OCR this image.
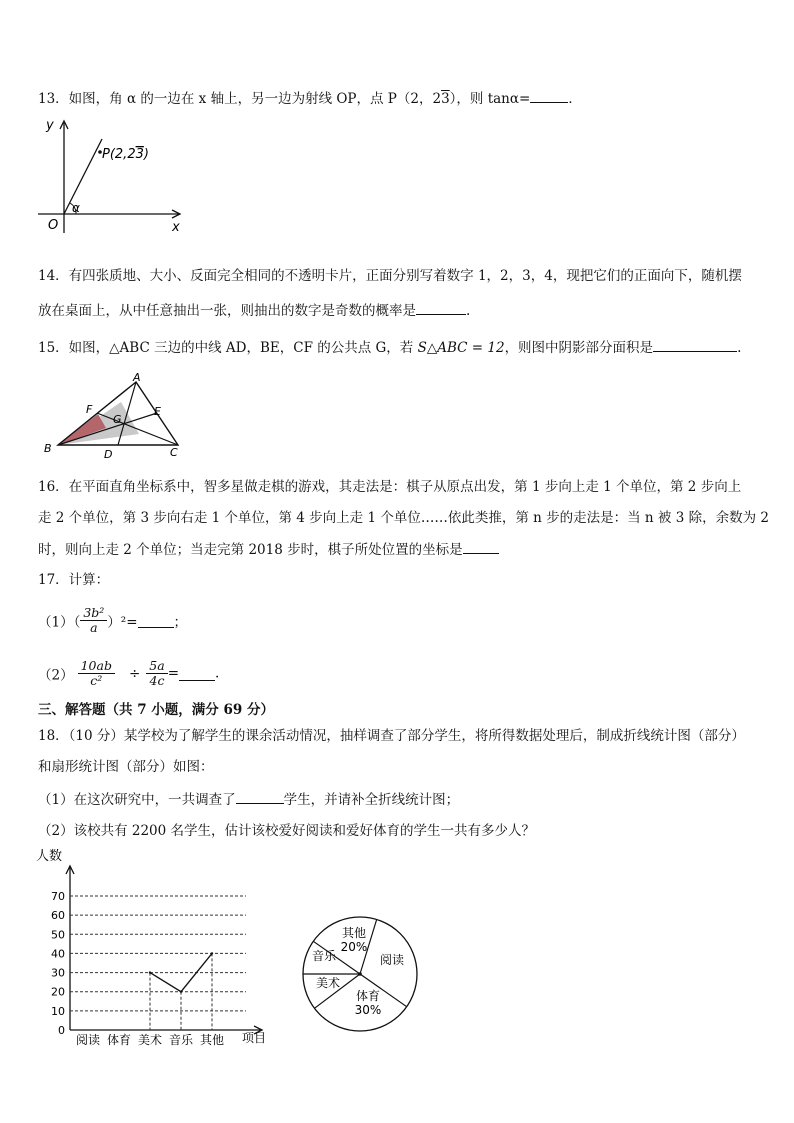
13．如图，角 α 的一边在 x 轴上，另一边为射线 OP，点 P（2，23），则 tanα=	．
y
x
O
α
P(2,23)
14．有四张质地、大小、反面完全相同的不透明卡片，正面分别写着数字 1，2，3，4，现把它们的正面向下，随机摆
放在桌面上，从中任意抽出一张，则抽出的数字是奇数的概率是	.
15．如图，△ABC 三边的中线 AD，BE，CF 的公共点 G，若 S△ABC = 12，则图中阴影部分面积是	.
A
B	C
D
E
F
G
16．在平面直角坐标系中，智多星做走棋的游戏，其走法是：棋子从原点出发，第 1 步向上走 1 个单位，第 2 步向上
走 2 个单位，第 3 步向右走 1 个单位，第 4 步向上走 1 个单位……依此类推，第 n 步的走法是：当 n 被 3 除，余数为 2
时，则向上走 2 个单位；当走完第 2018 步时，棋子所处位置的坐标是
17．计算：
$(1)( \frac{\text{3b²}}{a} )^2=$	；
$(2) \frac{10ab}{\text{c²}} \div \frac{5a}{4c}$ =	.
三、解答题（共 7 小题，满分 69 分）
18．（10 分）某学校为了解学生的课余活动情况，抽样调查了部分学生，将所得数据处理后，制成折线统计图（部分）
和扇形统计图（部分）如图：
（1）在这次研究中，一共调查了	学生，并请补全折线统计图；
（2）该校共有 2200 名学生，估计该校爱好阅读和爱好体育的学生一共有多少人？
人数
项目
0
10
20
30
40
50
60
70
阅读 体育 美术 音乐 其他
其他
20%
阅读
体育
30%
美术
音乐
